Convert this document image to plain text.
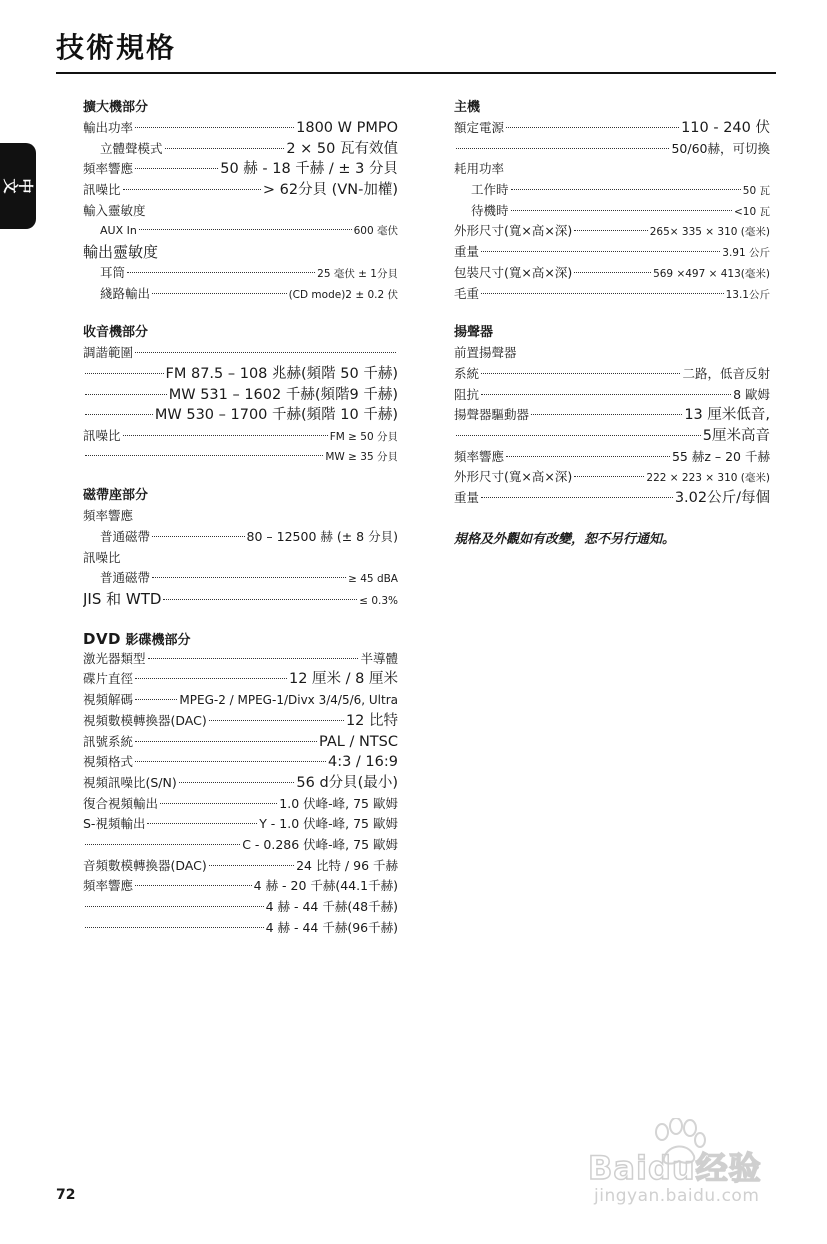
技術規格
中文
擴大機部分
輸出功率	1800 W PMPO
立體聲模式	2 × 50 瓦有效值
頻率響應	50 赫 - 18 千赫 / ± 3 分貝
訊噪比	> 62分貝 (VN-加權)
輸入靈敏度
AUX In	600 毫伏
輸出靈敏度
耳筒	25 毫伏 ± 1分貝
綫路輸出	(CD mode)2 ± 0.2 伏
收音機部分
調諧範圍
FM 87.5 – 108 兆赫(頻階 50 千赫)
MW 531 – 1602 千赫(頻階9 千赫)
MW 530 – 1700 千赫(頻階 10 千赫)
訊噪比	FM ≥ 50 分貝
MW ≥ 35 分貝
磁帶座部分
頻率響應
普通磁帶	80 – 12500 赫 (± 8 分貝)
訊噪比
普通磁帶	≥ 45 dBA
JIS 和 WTD	≤ 0.3%
DVD 影碟機部分
激光器類型	半導體
碟片直徑	12 厘米 / 8 厘米
視頻解碼	MPEG-2 / MPEG-1/Divx 3/4/5/6, Ultra
視頻數模轉換器(DAC)	12 比特
訊號系統	PAL / NTSC
視頻格式	4:3 / 16:9
視頻訊噪比(S/N)	56 d分貝(最小)
復合視頻輸出	1.0 伏峰-峰, 75 歐姆
S-視頻輸出	Y - 1.0 伏峰-峰, 75 歐姆
C - 0.286 伏峰-峰, 75 歐姆
音頻數模轉換器(DAC)	24 比特 / 96 千赫
頻率響應	4 赫 - 20 千赫(44.1千赫)
4 赫 - 44 千赫(48千赫)
4 赫 - 44 千赫(96千赫)
主機
額定電源	110 - 240 伏
50/60赫，可切換
耗用功率
工作時	50 瓦
待機時	<10 瓦
外形尺寸(寬×高×深)	265× 335 × 310 (毫米)
重量	3.91 公斤
包裝尺寸(寬×高×深)	569 ×497 × 413(毫米)
毛重	13.1公斤
揚聲器
前置揚聲器
系統	二路，低音反射
阻抗	8 歐姆
揚聲器驅動器	13 厘米低音,
5厘米高音
頻率響應	55 赫z – 20 千赫
外形尺寸(寬×高×深)	222 × 223 × 310 (毫米)
重量	3.02公斤/每個
規格及外觀如有改變，恕不另行通知。
72
Baidu经验
jingyan.baidu.com
